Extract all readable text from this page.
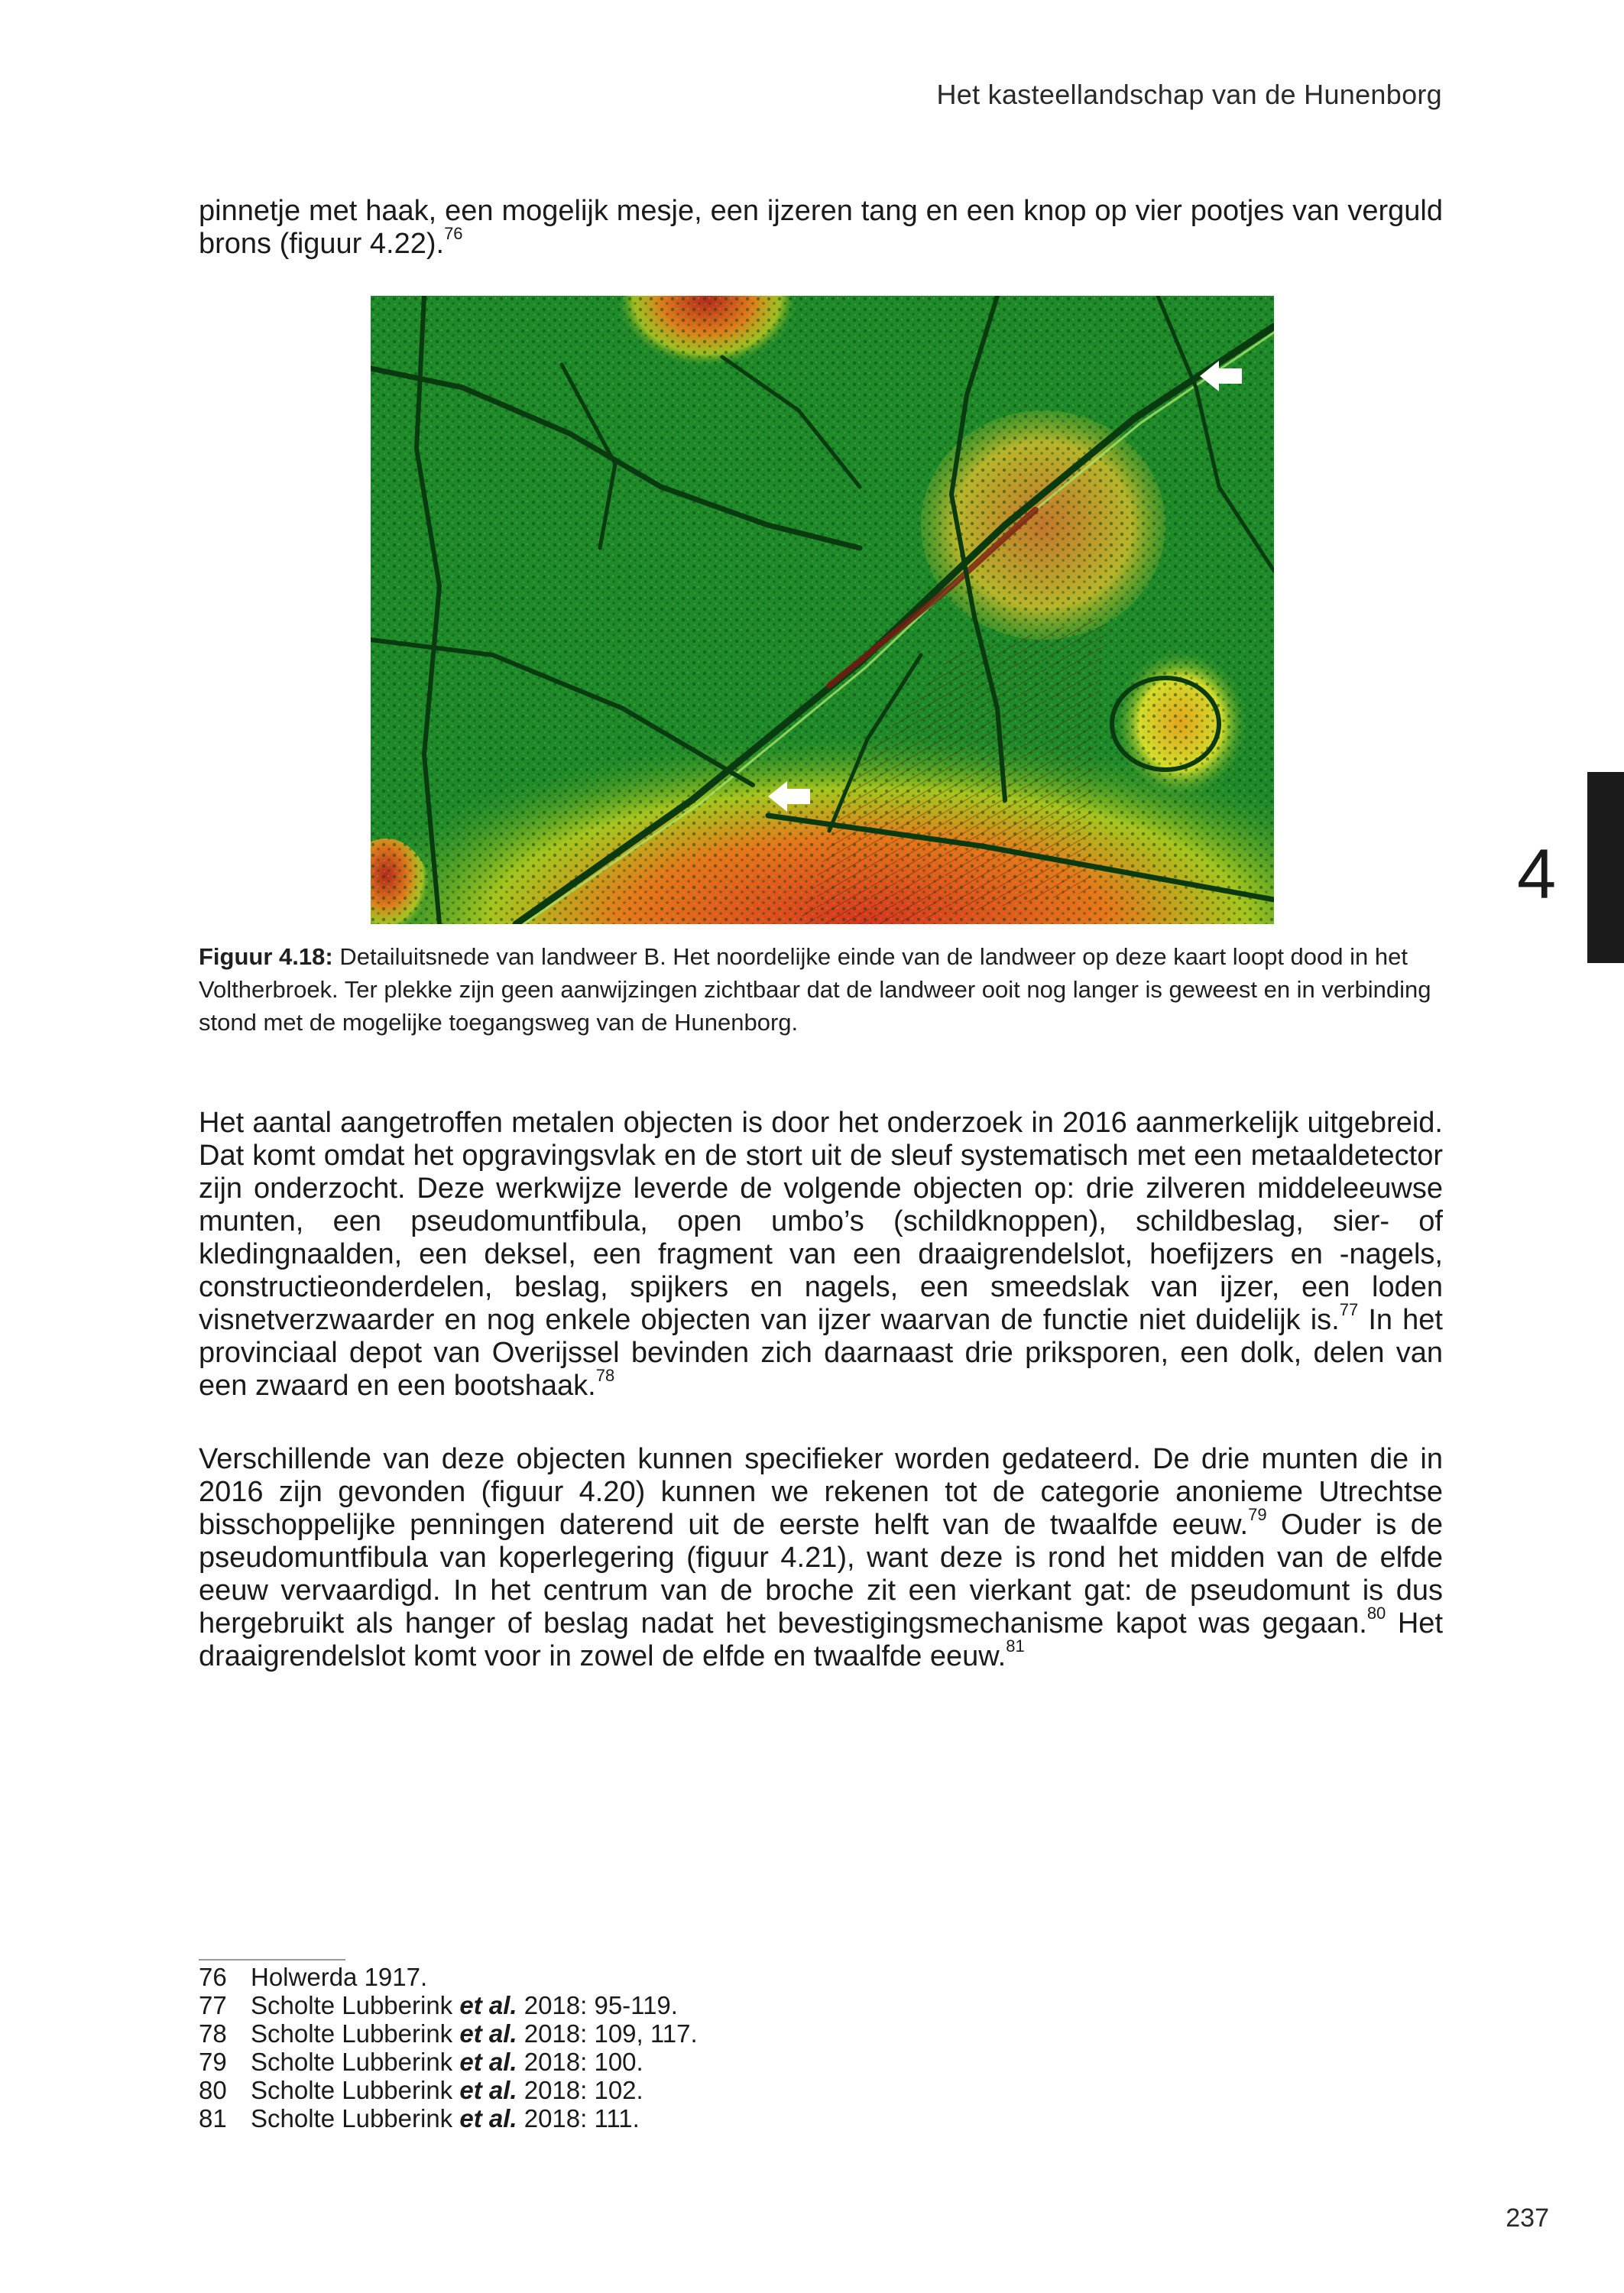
Het kasteellandschap van de Hunenborg

pinnetje met haak, een mogelijk mesje, een ijzeren tang en een knop op vier pootjes van verguld brons (figuur 4.22).$^{76}$

Figuur 4.18: Detailuitsnede van landweer B. Het noordelijke einde van de landweer op deze kaart loopt dood in het Voltherbroek. Ter plekke zijn geen aanwijzingen zichtbaar dat de landweer ooit nog langer is geweest en in verbinding stond met de mogelijke toegangsweg van de Hunenborg.

4

Het aantal aangetroffen metalen objecten is door het onderzoek in 2016 aanmerkelijk uitgebreid. Dat komt omdat het opgravingsvlak en de stort uit de sleuf systematisch met een metaaldetector zijn onderzocht. Deze werkwijze leverde de volgende objecten op: drie zilveren middeleeuwse munten, een pseudomuntfibula, open umbo’s (schildknoppen), schildbeslag, sier- of kledingnaalden, een deksel, een fragment van een draaigrendelslot, hoefijzers en -nagels, constructieonderdelen, beslag, spijkers en nagels, een smeedslak van ijzer, een loden visnetverzwaarder en nog enkele objecten van ijzer waarvan de functie niet duidelijk is.$^{77}$ In het provinciaal depot van Overijssel bevinden zich daarnaast drie priksporen, een dolk, delen van een zwaard en een bootshaak.$^{78}$

Verschillende van deze objecten kunnen specifieker worden gedateerd. De drie munten die in 2016 zijn gevonden (figuur 4.20) kunnen we rekenen tot de categorie anonieme Utrechtse bisschoppelijke penningen daterend uit de eerste helft van de twaalfde eeuw.$^{79}$ Ouder is de pseudomuntfibula van koperlegering (figuur 4.21), want deze is rond het midden van de elfde eeuw vervaardigd. In het centrum van de broche zit een vierkant gat: de pseudomunt is dus hergebruikt als hanger of beslag nadat het bevestigingsmechanisme kapot was gegaan.$^{80}$ Het draaigrendelslot komt voor in zowel de elfde en twaalfde eeuw.$^{81}$

76 Holwerda 1917.
77 Scholte Lubberink et al. 2018: 95-119.
78 Scholte Lubberink et al. 2018: 109, 117.
79 Scholte Lubberink et al. 2018: 100.
80 Scholte Lubberink et al. 2018: 102.
81 Scholte Lubberink et al. 2018: 111.
237
